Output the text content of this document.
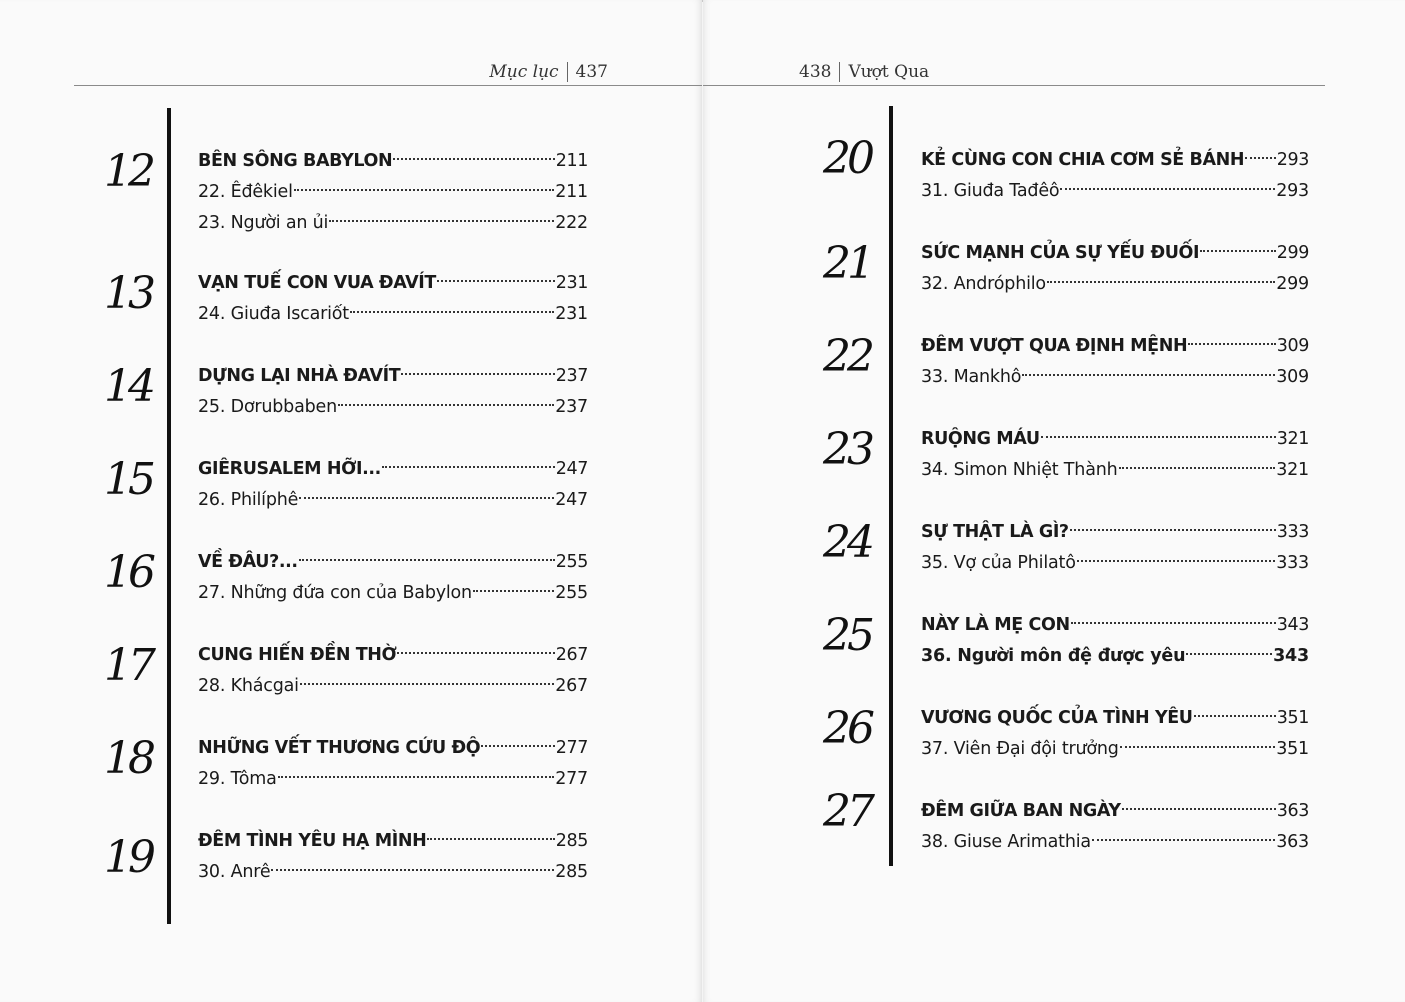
Mục lục 437
12	BÊN SÔNG BABYLON	211
22. Êđêkiel	211
23. Người an ủi	222
13	VẠN TUẾ CON VUA ĐAVÍT	231
24. Giuđa Iscariốt	231
14	DỰNG LẠI NHÀ ĐAVÍT	237
25. Dơrubbaben	237
15	GIÊRUSALEM HỠI...	247
26. Philíphê	247
16	VỀ ĐÂU?...	255
27. Những đứa con của Babylon	255
17	CUNG HIẾN ĐỀN THỜ	267
28. Khácgai	267
18	NHỮNG VẾT THƯƠNG CỨU ĐỘ	277
29. Tôma	277
19	ĐÊM TÌNH YÊU HẠ MÌNH	285
30. Anrê	285
438 Vượt Qua
20	KẺ CÙNG CON CHIA CƠM SẺ BÁNH 293
31. Giuđa Tađêô	293
21	SỨC MẠNH CỦA SỰ YẾU ĐUỐI	299
32. Andróphilo	299
22	ĐÊM VƯỢT QUA ĐỊNH MỆNH	309
33. Mankhô	309
23	RUỘNG MÁU	321
34. Simon Nhiệt Thành	321
24	SỰ THẬT LÀ GÌ?	333
35. Vợ của Philatô	333
25	NÀY LÀ MẸ CON	343
36. Người môn đệ được yêu	343
26	VƯƠNG QUỐC CỦA TÌNH YÊU	351
37. Viên Đại đội trưởng	351
27	ĐÊM GIỮA BAN NGÀY	363
38. Giuse Arimathia	363
